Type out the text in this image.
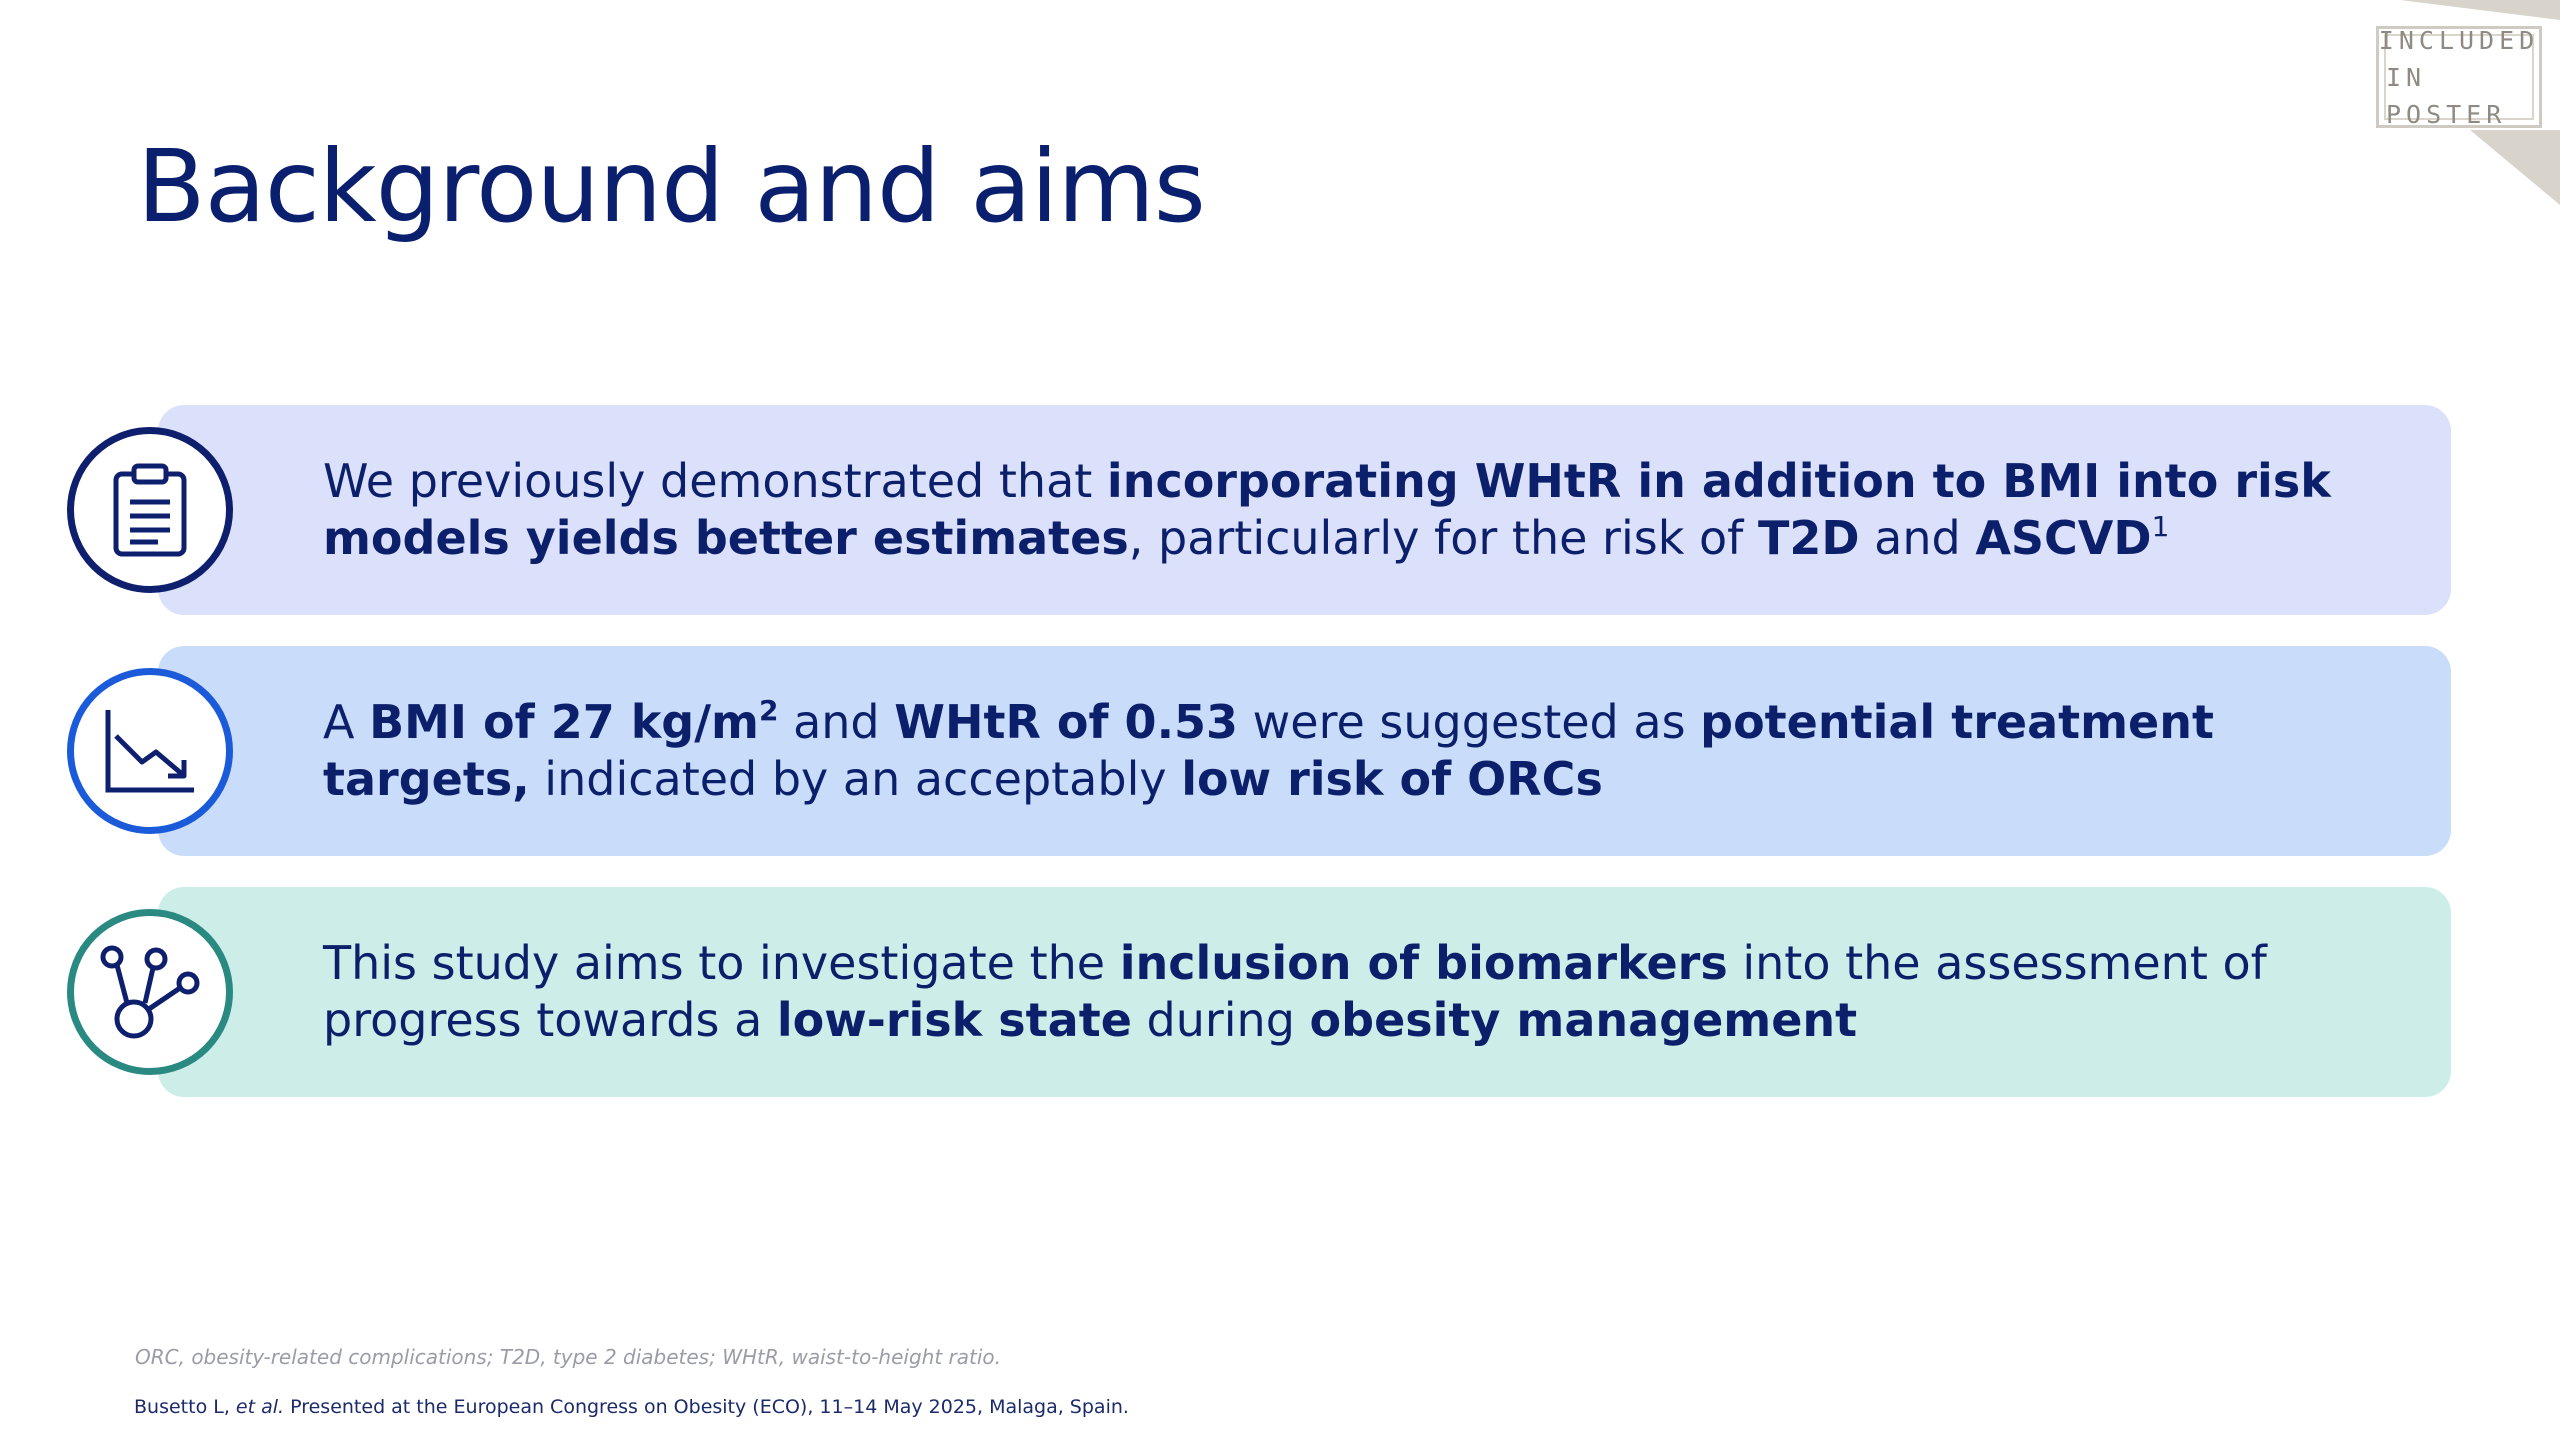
INCLUDED
IN POSTER
Background and aims
We previously demonstrated that incorporating WHtR in addition to BMI into risk models yields better estimates, particularly for the risk of T2D and ASCVD$^1$
A BMI of 27 $kg/m^2$ and WHtR of 0.53 were suggested as potential treatment targets, indicated by an acceptably low risk of ORCs
This study aims to investigate the inclusion of biomarkers into the assessment of progress towards a low-risk state during obesity management
ORC, obesity-related complications; T2D, type 2 diabetes; WHtR, waist-to-height ratio.
Busetto L, et al. Presented at the European Congress on Obesity (ECO), 11–14 May 2025, Malaga, Spain.
